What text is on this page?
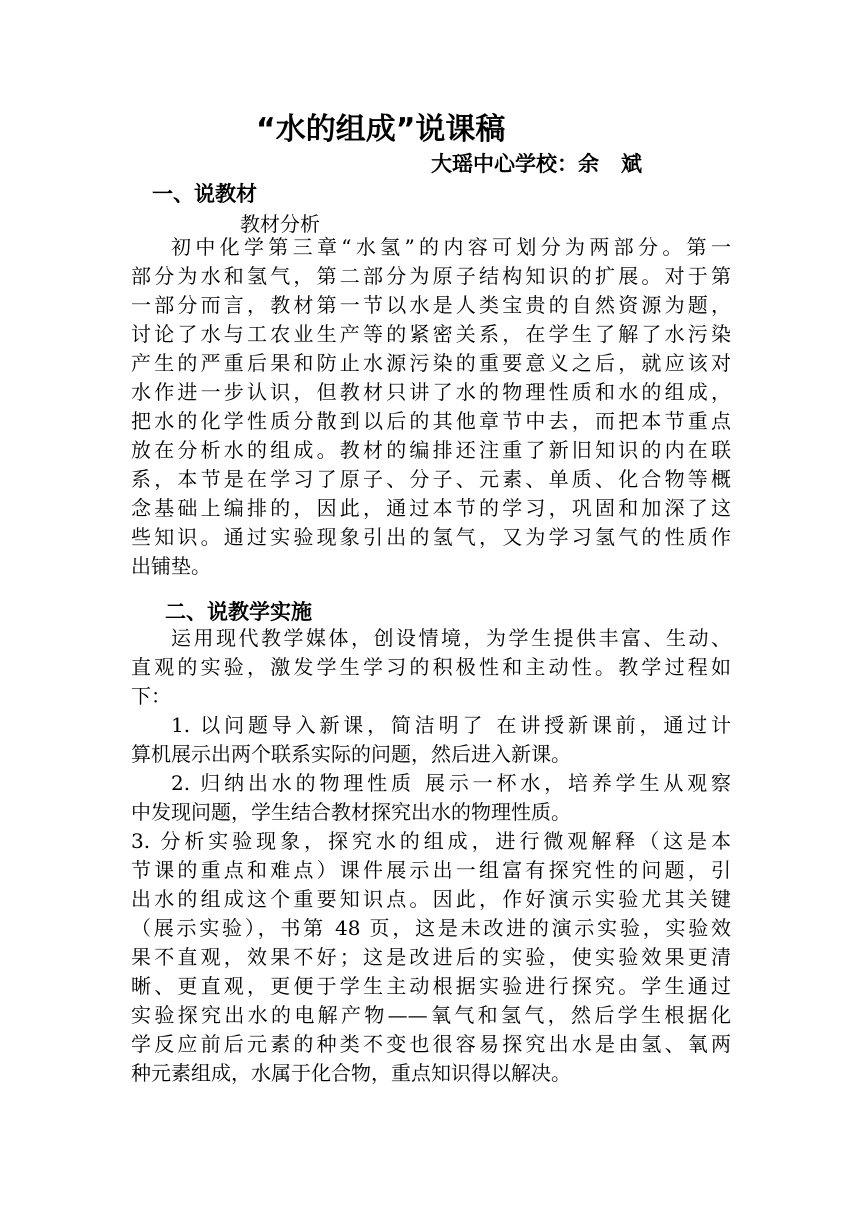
“水的组成”说课稿
大瑶中心学校：余 斌
一、说教材
教材分析
初中化学第三章“水氢”的内容可划分为两部分。第一
部分为水和氢气，第二部分为原子结构知识的扩展。对于第
一部分而言，教材第一节以水是人类宝贵的自然资源为题，
讨论了水与工农业生产等的紧密关系，在学生了解了水污染
产生的严重后果和防止水源污染的重要意义之后，就应该对
水作进一步认识，但教材只讲了水的物理性质和水的组成，
把水的化学性质分散到以后的其他章节中去，而把本节重点
放在分析水的组成。教材的编排还注重了新旧知识的内在联
系，本节是在学习了原子、分子、元素、单质、化合物等概
念基础上编排的，因此，通过本节的学习，巩固和加深了这
些知识。通过实验现象引出的氢气，又为学习氢气的性质作
出铺垫。
二、说教学实施
运用现代教学媒体，创设情境，为学生提供丰富、生动、
直观的实验，激发学生学习的积极性和主动性。教学过程如
下：
1. 以问题导入新课，简洁明了 在讲授新课前，通过计
算机展示出两个联系实际的问题，然后进入新课。
2. 归纳出水的物理性质 展示一杯水，培养学生从观察
中发现问题，学生结合教材探究出水的物理性质。
3. 分析实验现象，探究水的组成，进行微观解释（这是本
节课的重点和难点）课件展示出一组富有探究性的问题，引
出水的组成这个重要知识点。因此，作好演示实验尤其关键
（展示实验），书第 48 页，这是未改进的演示实验，实验效
果不直观，效果不好；这是改进后的实验，使实验效果更清
晰、更直观，更便于学生主动根据实验进行探究。学生通过
实验探究出水的电解产物——氧气和氢气，然后学生根据化
学反应前后元素的种类不变也很容易探究出水是由氢、氧两
种元素组成，水属于化合物，重点知识得以解决。
